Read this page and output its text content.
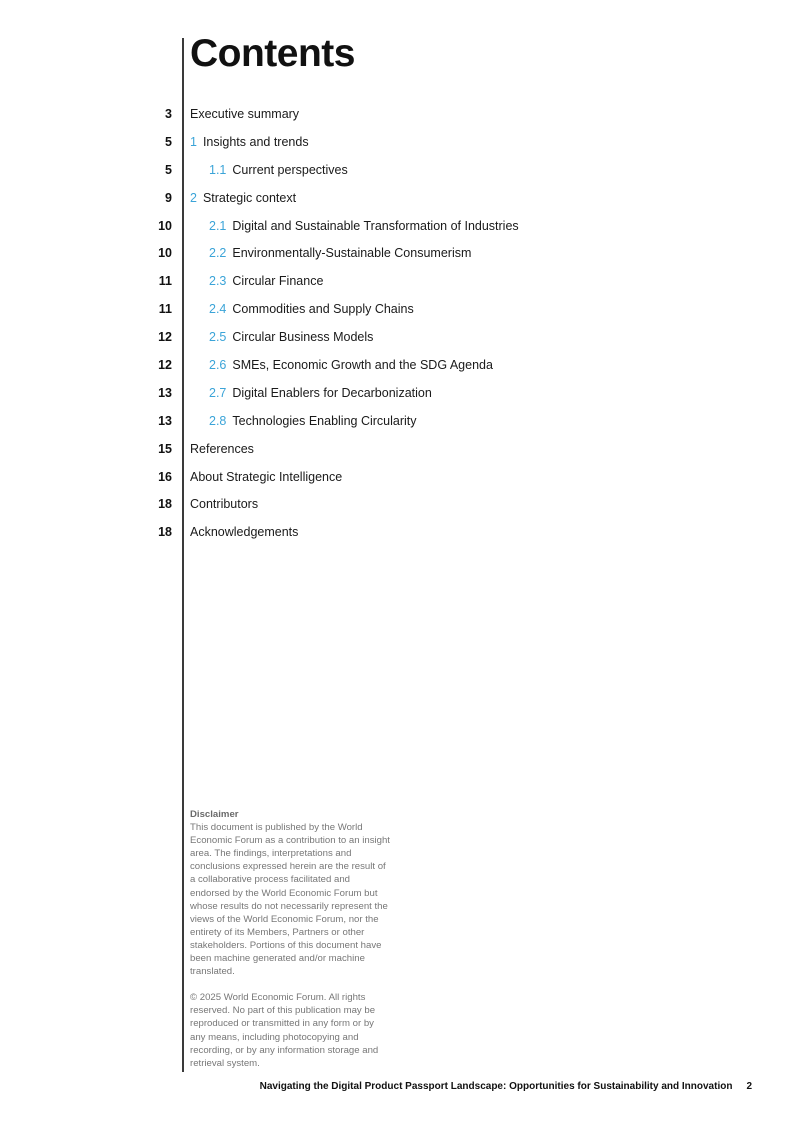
Contents
3 Executive summary
5 1 Insights and trends
5	1.1 Current perspectives
9 2 Strategic context
10	2.1 Digital and Sustainable Transformation of Industries
10	2.2 Environmentally-Sustainable Consumerism
11	2.3 Circular Finance
11	2.4 Commodities and Supply Chains
12	2.5 Circular Business Models
12	2.6 SMEs, Economic Growth and the SDG Agenda
13	2.7 Digital Enablers for Decarbonization
13	2.8 Technologies Enabling Circularity
15 References
16 About Strategic Intelligence
18 Contributors
18 Acknowledgements

Disclaimer

This document is published by the World Economic Forum as a contribution to an insight area. The findings, interpretations and conclusions expressed herein are the result of a collaborative process facilitated and endorsed by the World Economic Forum but whose results do not necessarily represent the views of the World Economic Forum, nor the entirety of its Members, Partners or other stakeholders. Portions of this document have been machine generated and/or machine translated.

© 2025 World Economic Forum. All rights reserved. No part of this publication may be reproduced or transmitted in any form or by any means, including photocopying and recording, or by any information storage and retrieval system.

Navigating the Digital Product Passport Landscape: Opportunities for Sustainability and Innovation 2
